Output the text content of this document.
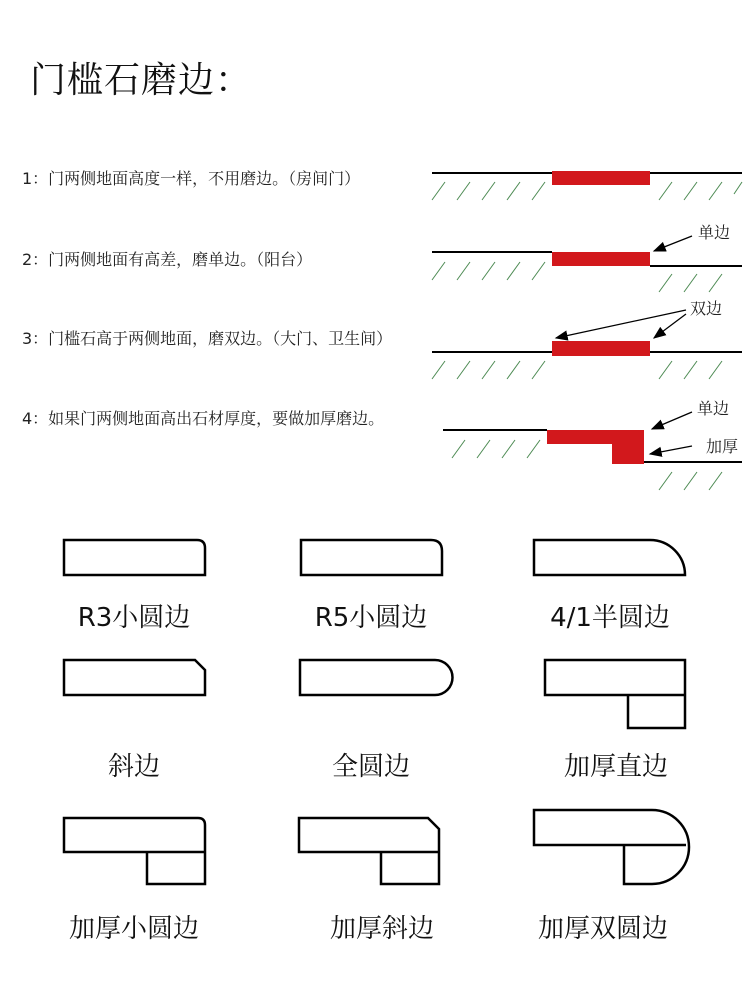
门槛石磨边：
1：门两侧地面高度一样，不用磨边。（房间门）
2：门两侧地面有高差，磨单边。（阳台）
3：门槛石高于两侧地面，磨双边。（大门、卫生间）
4：如果门两侧地面高出石材厚度，要做加厚磨边。
单边
双边
单边
加厚
R3小圆边	R5小圆边	4/1半圆边
斜边	全圆边	加厚直边
加厚小圆边	加厚斜边	加厚双圆边
